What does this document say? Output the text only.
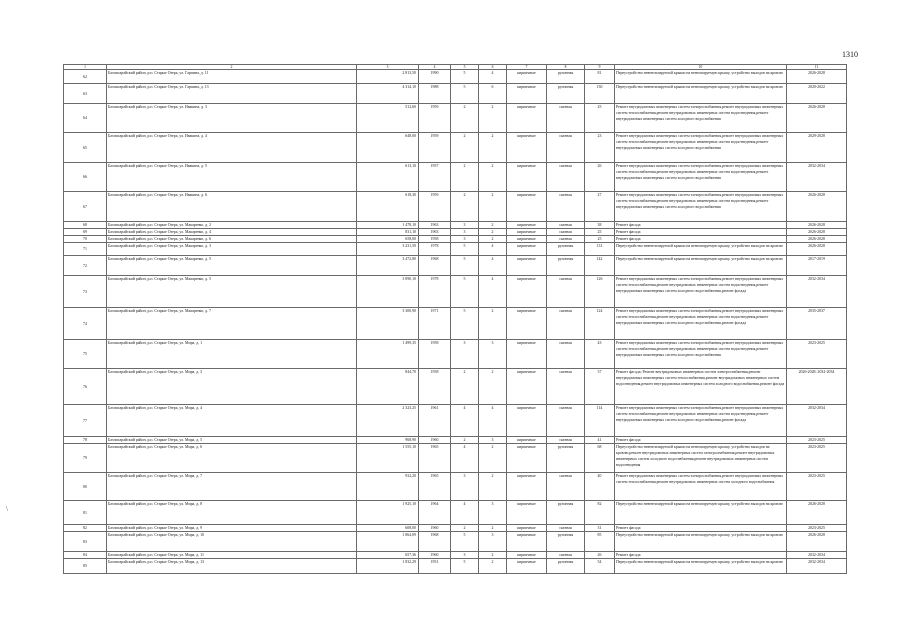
1310
1	2	3	4	5	6	7	8	9	10	11
62	Бахчисарайский район, р.п. Старые Озера, ул. Гарпина, д. 11	2 813,50	1990	5	4	кирпичные	рулонная	81	Переустройство невентилируемой крыши на вентилируемую крышу, устройство выходов на кровлю	2026-2028
63	Бахчисарайский район, р.п. Старые Озера, ул. Гарпина, д. 13	4 314,10	1988	5	6	кирпичные	рулонная	130	Переустройство невентилируемой крыши на вентилируемую крышу, устройство выходов на кровлю	2020-2022
64	Бахчисарайский район, р.п. Старые Озера, ул. Ивакина, д. 3	512,60	1959	2	2	кирпичные	скатная	25	Ремонт внутридомовых инженерных систем электроснабжения,ремонт внутридомовых инженерных систем теплоснабжения,ремонт внутридомовых инженерных систем водоотведения,ремонт внутридомовых инженерных систем холодного водоснабжения	2026-2028
65	Бахчисарайский район, р.п. Старые Озера, ул. Ивакина, д. 4	648,00	1959	2	2	кирпичные	скатная	23	Ремонт внутридомовых инженерных систем электроснабжения,ремонт внутридомовых инженерных систем теплоснабжения,ремонт внутридомовых инженерных систем водоотведения,ремонт внутридомовых инженерных систем холодного водоснабжения	2029-2028
66	Бахчисарайский район, р.п. Старые Озера, ул. Ивакина, д. 5	613,10	1957	2	2	кирпичные	скатная	26	Ремонт внутридомовых инженерных систем электроснабжения,ремонт внутридомовых инженерных систем теплоснабжения,ремонт внутридомовых инженерных систем водоотведения,ремонт внутридомовых инженерных систем холодного водоснабжения	2032-2034
67	Бахчисарайский район, р.п. Старые Озера, ул. Ивакина, д. 6	618,30	1959	2	2	кирпичные	скатная	27	Ремонт внутридомовых инженерных систем электроснабжения,ремонт внутридомовых инженерных систем теплоснабжения,ремонт внутридомовых инженерных систем водоотведения,ремонт внутридомовых инженерных систем холодного водоснабжения	2026-2028
68	Бахчисарайский район, р.п. Старые Озера, ул. Макаренко, д. 2	1 478,10	1963	3	2	кирпичные	скатная	38	Ремонт фасада	2026-2028
69	Бахчисарайский район, р.п. Старые Озера, ул. Макаренко, д. 4	831,10	1963	3	2	кирпичные	скатная	25	Ремонт фасада	2026-2028
70	Бахчисарайский район, р.п. Старые Озера, ул. Макаренко, д. 6	658,00	1958	3	2	кирпичные	скатная	25	Ремонт фасада	2026-2028
71	Бахчисарайский район, р.п. Старые Озера, ул. Макаренко, д. 3	3 231,50	1978	5	4	кирпичные	рулонная	131	Переустройство невентилируемой крыши на вентилируемую крышу, устройство выходов на кровлю	2026-2028
72	Бахчисарайский район, р.п. Старые Озера, ул. Макаренко, д. 5	3 472,80	1968	5	4	кирпичные	рулонная	142	Переустройство невентилируемой крыши на вентилируемую крышу, устройство выходов на кровлю	2017-2019
73	Бахчисарайский район, р.п. Старые Озера, ул. Макаренко, д. 5	3 890,10	1978	5	4	кирпичные	скатная	126	Ремонт внутридомовых инженерных систем электроснабжения,ремонт внутридомовых инженерных систем теплоснабжения,ремонт внутридомовых инженерных систем водоотведения,ремонт внутридомовых инженерных систем холодного водоснабжения,ремонт фасада	2032-2034
74	Бахчисарайский район, р.п. Старые Озера, ул. Макаренко, д. 7	3 300,90	1971	5	2	кирпичные	скатная	124	Ремонт внутридомовых инженерных систем электроснабжения,ремонт внутридомовых инженерных систем теплоснабжения,ремонт внутридомовых инженерных систем водоотведения,ремонт внутридомовых инженерных систем холодного водоснабжения,ремонт фасада	2035-2037
75	Бахчисарайский район, р.п. Старые Озера, ул. Мира, д. 1	1 499,35	1958	3	3	кирпичные	скатная	43	Ремонт внутридомовых инженерных систем электроснабжения,ремонт внутридомовых инженерных систем теплоснабжения,ремонт внутридомовых инженерных систем водоотведения,ремонт внутридомовых инженерных систем холодного водоснабжения	2023-2025
76	Бахчисарайский район, р.п. Старые Озера, ул. Мира, д. 3	844,70	1958	2	2	кирпичные	скатная	37	Ремонт фасада; Ремонт внутридомовых инженерных систем электроснабжения,ремонт внутридомовых инженерных систем теплоснабжения,ремонт внутридомовых инженерных систем водоотведения,ремонт внутридомовых инженерных систем холодного водоснабжения,ремонт фасада	2026-2028; 2032-2034
77	Бахчисарайский район, р.п. Старые Озера, ул. Мира, д. 4	2 323,25	1961	4	4	кирпичные	скатная	114	Ремонт внутридомовых инженерных систем электроснабжения,ремонт внутридомовых инженерных систем теплоснабжения,ремонт внутридомовых инженерных систем водоотведения,ремонт внутридомовых инженерных систем холодного водоснабжения,ремонт фасада	2032-2034
78	Бахчисарайский район, р.п. Старые Озера, ул. Мира, д. 5	968,90	1960	2	3	кирпичные	скатная	41	Ремонт фасада	2023-2025
79	Бахчисарайский район, р.п. Старые Озера, ул. Мира, д. 6	1 555,10	1965	4	2	кирпичные	рулонная	68	Переустройство невентилируемой крыши на вентилируемую крышу, устройство выходов на кровлю,ремонт внутридомовых инженерных систем электроснабжения,ремонт внутридомовых инженерных систем холодного водоснабжения,ремонт внутридомовых инженерных систем водоотведения	2023-2025
80	Бахчисарайский район, р.п. Старые Озера, ул. Мира, д. 7	932,20	1965	3	2	кирпичные	скатная	40	Ремонт внутридомовых инженерных систем электроснабжения,ремонт внутридомовых инженерных систем теплоснабжения,ремонт внутридомовых инженерных систем холодного водоснабжения	2023-2025
81	Бахчисарайский район, р.п. Старые Озера, ул. Мира, д. 8	1 925,10	1964	4	3	кирпичные	рулонная	82	Переустройство невентилируемой крыши на вентилируемую крышу, устройство выходов на кровлю	2026-2028
82	Бахчисарайский район, р.п. Старые Озера, ул. Мира, д. 9	608,00	1960	2	2	кирпичные	скатная	31	Ремонт фасада	2023-2025
83	Бахчисарайский район, р.п. Старые Озера, ул. Мира, д. 10	1 864,09	1968	5	3	кирпичные	рулонная	85	Переустройство невентилируемой крыши на вентилируемую крышу, устройство выходов на кровлю	2026-2028
84	Бахчисарайский район, р.п. Старые Озера, ул. Мира, д. 11	657,36	1960	3	2	кирпичные	скатная	26	Ремонт фасада	2032-2034
85	Бахчисарайский район, р.п. Старые Озера, ул. Мира, д. 13	1 832,29	1951	5	2	кирпичные	рулонная	54	Переустройство невентилируемой крыши на вентилируемую крышу, устройство выходов на кровлю	2032-2034
\
